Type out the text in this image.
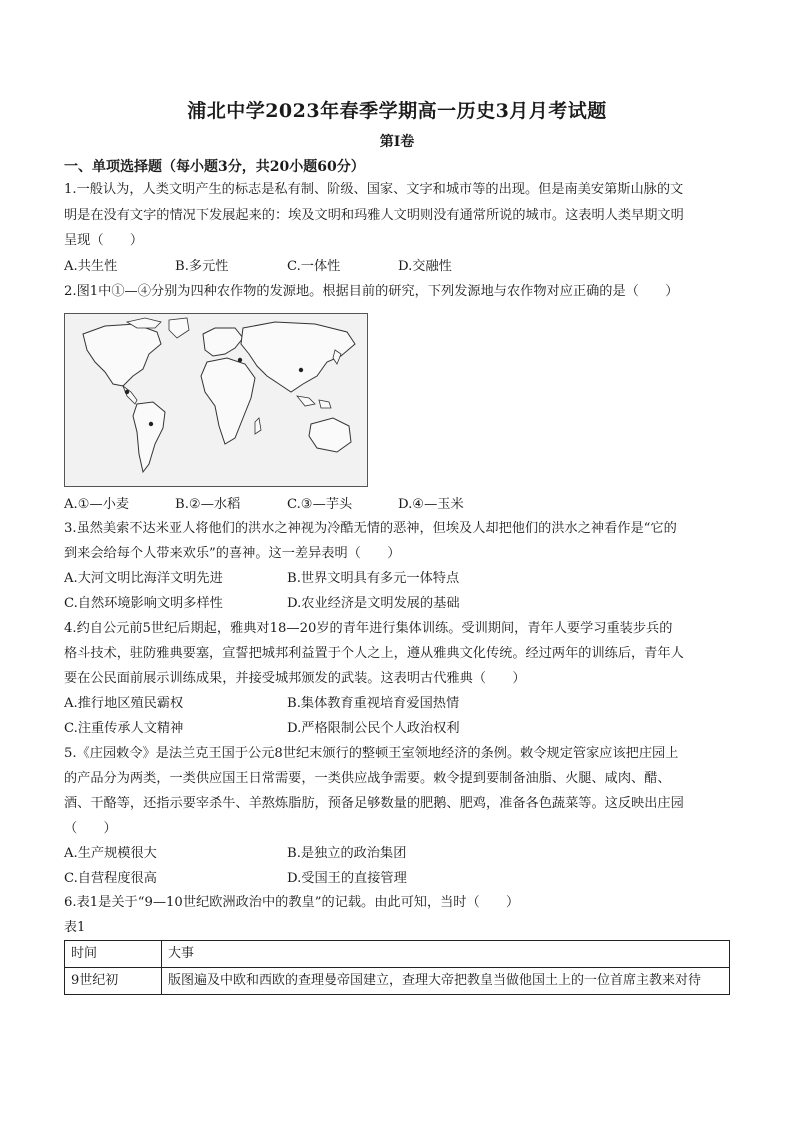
浦北中学2023年春季学期高一历史3月月考试题
第Ⅰ卷
一、单项选择题（每小题3分，共20小题60分）
1.一般认为，人类文明产生的标志是私有制、阶级、国家、文字和城市等的出现。但是南美安第斯山脉的文
明是在没有文字的情况下发展起来的：埃及文明和玛雅人文明则没有通常所说的城市。这表明人类早期文明
呈现（　　）
A.共生性	B.多元性	C.一体性	D.交融性
2.图1中①—④分别为四种农作物的发源地。根据目前的研究，下列发源地与农作物对应正确的是（　　）
A.①—小麦	B.②—水稻	C.③—芋头	D.④—玉米
3.虽然美索不达米亚人将他们的洪水之神视为冷酷无情的恶神，但埃及人却把他们的洪水之神看作是“它的
到来会给每个人带来欢乐”的喜神。这一差异表明（　　）
A.大河文明比海洋文明先进	B.世界文明具有多元一体特点
C.自然环境影响文明多样性	D.农业经济是文明发展的基础
4.约自公元前5世纪后期起，雅典对18—20岁的青年进行集体训练。受训期间，青年人要学习重装步兵的
格斗技术，驻防雅典要塞，宣誓把城邦利益置于个人之上，遵从雅典文化传统。经过两年的训练后，青年人
要在公民面前展示训练成果，并接受城邦颁发的武装。这表明古代雅典（　　）
A.推行地区殖民霸权	B.集体教育重视培育爱国热情
C.注重传承人文精神	D.严格限制公民个人政治权利
5.《庄园敕令》是法兰克王国于公元8世纪末颁行的整顿王室领地经济的条例。敕令规定管家应该把庄园上
的产品分为两类，一类供应国王日常需要，一类供应战争需要。敕令提到要制备油脂、火腿、咸肉、醋、
酒、干酪等，还指示要宰杀牛、羊熬炼脂肪，预备足够数量的肥鹅、肥鸡，准备各色蔬菜等。这反映出庄园
（　　）
A.生产规模很大	B.是独立的政治集团
C.自营程度很高	D.受国王的直接管理
6.表1是关于“9—10世纪欧洲政治中的教皇”的记载。由此可知，当时（　　）
表1
时间	大事
9世纪初	版图遍及中欧和西欧的查理曼帝国建立，查理大帝把教皇当做他国土上的一位首席主教来对待
